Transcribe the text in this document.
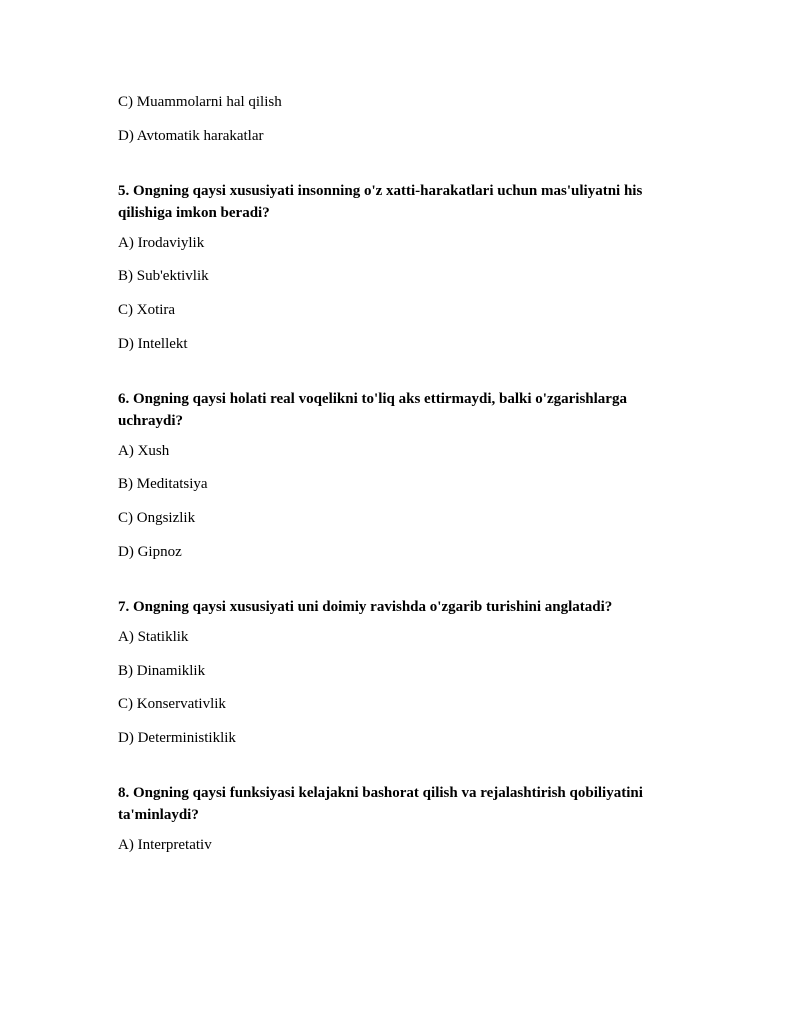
C) Muammolarni hal qilish
D) Avtomatik harakatlar
5. Ongning qaysi xususiyati insonning o'z xatti-harakatlari uchun mas'uliyatni his qilishiga imkon beradi?
A) Irodaviylik
B) Sub'ektivlik
C) Xotira
D) Intellekt
6. Ongning qaysi holati real voqelikni to'liq aks ettirmaydi, balki o'zgarishlarga uchraydi?
A) Xush
B) Meditatsiya
C) Ongsizlik
D) Gipnoz
7. Ongning qaysi xususiyati uni doimiy ravishda o'zgarib turishini anglatadi?
A) Statiklik
B) Dinamiklik
C) Konservativlik
D) Deterministiklik
8. Ongning qaysi funksiyasi kelajakni bashorat qilish va rejalashtirish qobiliyatini ta'minlaydi?
A) Interpretativ
